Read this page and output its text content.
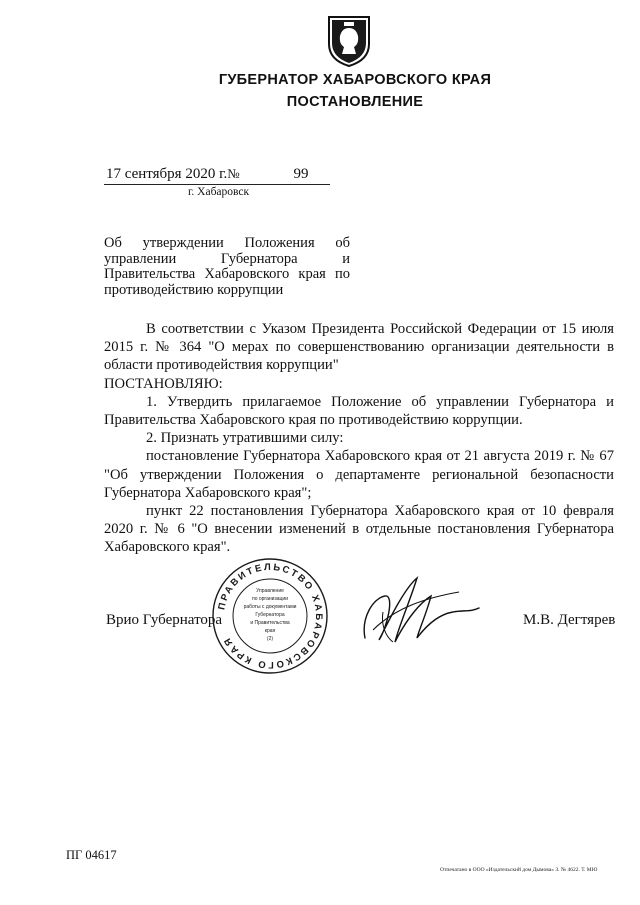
ГУБЕРНАТОР ХАБАРОВСКОГО КРАЯ
ПОСТАНОВЛЕНИЕ
17 сентября 2020 г.№	99
г. Хабаровск
Об утверждении Положения об управлении Губернатора и Правительства Хабаровского края по противодействию коррупции

В соответствии с Указом Президента Российской Федерации от 15 июля 2015 г. № 364 "О мерах по совершенствованию организации деятельности в области противодействия коррупции"

ПОСТАНОВЛЯЮ:

1. Утвердить прилагаемое Положение об управлении Губернатора и Правительства Хабаровского края по противодействию коррупции.

2. Признать утратившими силу:

постановление Губернатора Хабаровского края от 21 августа 2019 г. № 67 "Об утверждении Положения о департаменте региональной безопасности Губернатора Хабаровского края";

пункт 22 постановления Губернатора Хабаровского края от 10 февраля 2020 г. № 6 "О внесении изменений в отдельные постановления Губернатора Хабаровского края".

Врио Губернатора
ПРАВИТЕЛЬСТВО ХАБАРОВСКОГО КРАЯ
Управление
по организации
работы с документами
Губернатора
и Правительства
края
(2)
М.В. Дегтярев
ПГ 04617
Отпечатано в ООО «Издательский дом Дымова» З. № 4622. Т. МЮ
